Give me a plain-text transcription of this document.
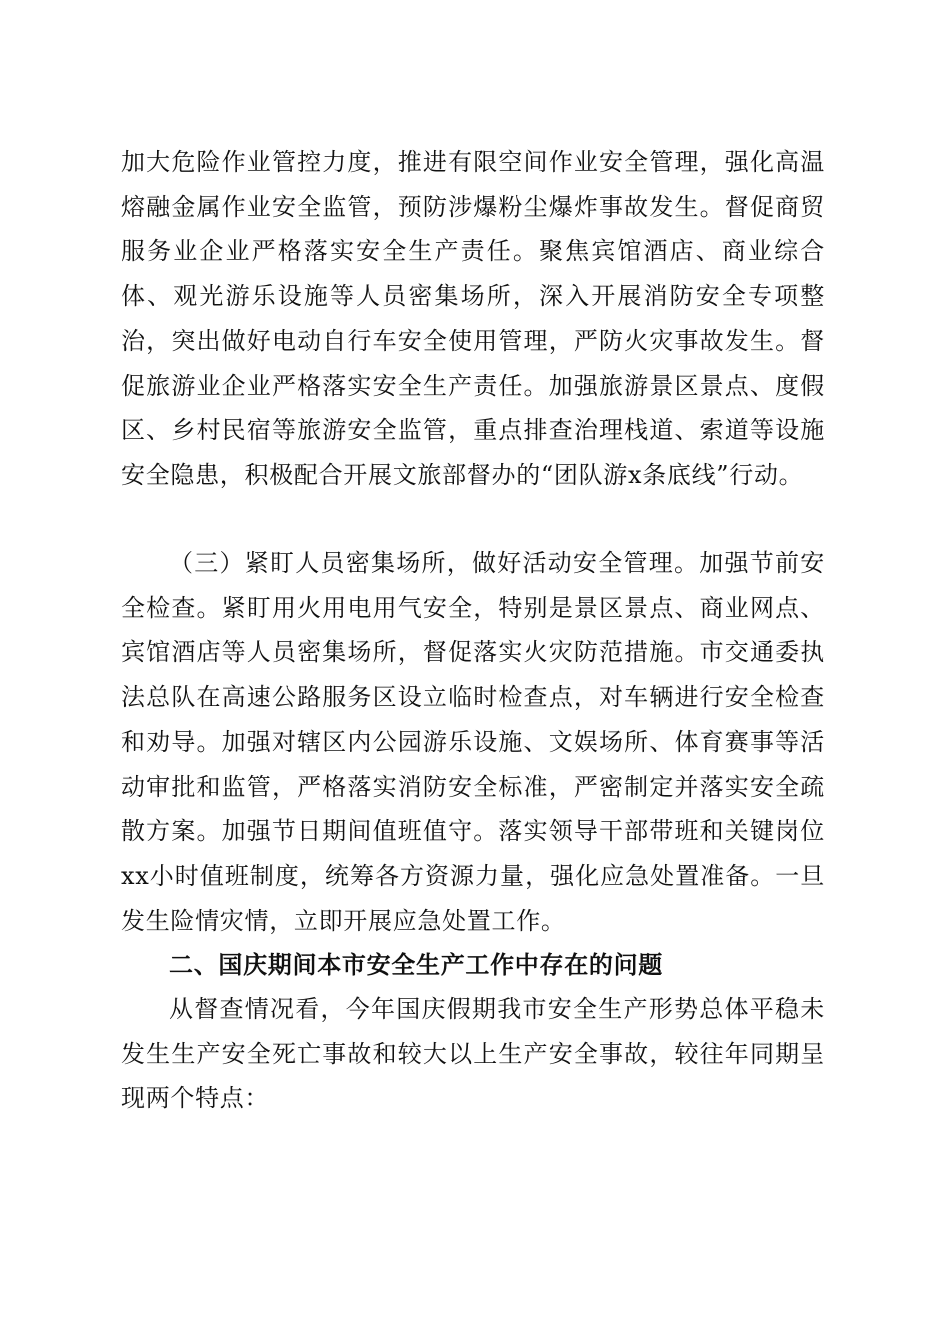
加大危险作业管控力度，推进有限空间作业安全管理，强化高温熔融金属作业安全监管，预防涉爆粉尘爆炸事故发生。督促商贸服务业企业严格落实安全生产责任。聚焦宾馆酒店、商业综合体、观光游乐设施等人员密集场所，深入开展消防安全专项整治，突出做好电动自行车安全使用管理，严防火灾事故发生。督促旅游业企业严格落实安全生产责任。加强旅游景区景点、度假区、乡村民宿等旅游安全监管，重点排查治理栈道、索道等设施安全隐患，积极配合开展文旅部督办的“团队游x条底线”行动。

（三）紧盯人员密集场所，做好活动安全管理。加强节前安全检查。紧盯用火用电用气安全，特别是景区景点、商业网点、宾馆酒店等人员密集场所，督促落实火灾防范措施。市交通委执法总队在高速公路服务区设立临时检查点，对车辆进行安全检查和劝导。加强对辖区内公园游乐设施、文娱场所、体育赛事等活动审批和监管，严格落实消防安全标准，严密制定并落实安全疏散方案。加强节日期间值班值守。落实领导干部带班和关键岗位xx小时值班制度，统筹各方资源力量，强化应急处置准备。一旦发生险情灾情，立即开展应急处置工作。

二、国庆期间本市安全生产工作中存在的问题

从督查情况看，今年国庆假期我市安全生产形势总体平稳未发生生产安全死亡事故和较大以上生产安全事故，较往年同期呈现两个特点：
